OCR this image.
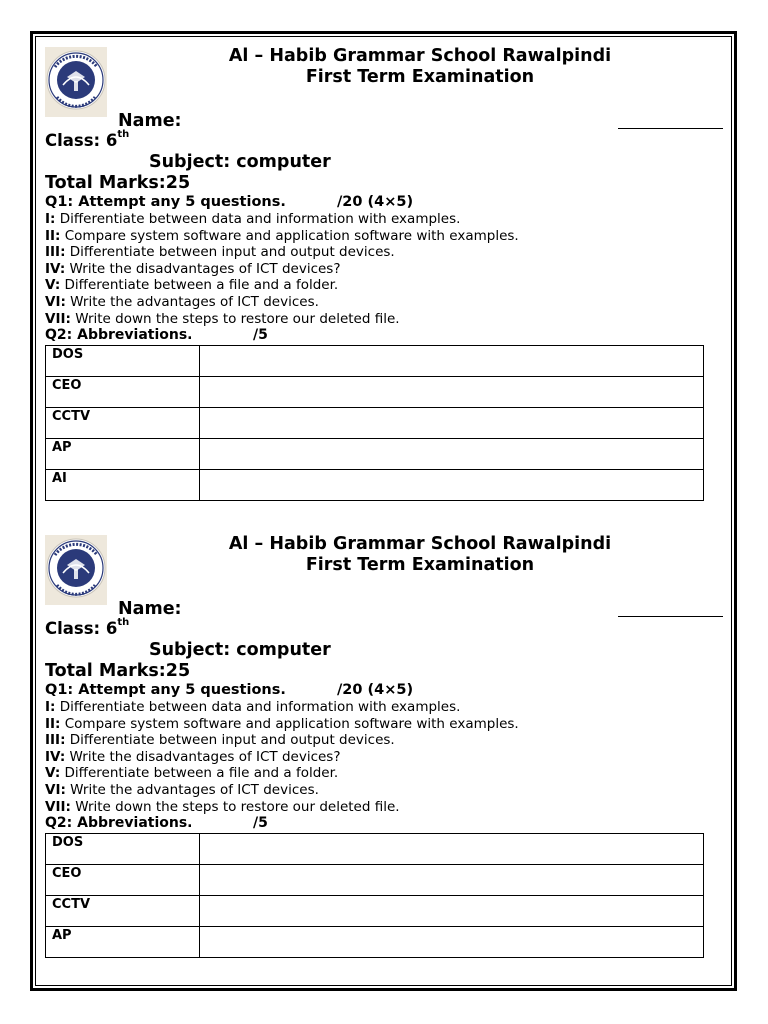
Al – Habib Grammar School Rawalpindi
First Term Examination
Name:
Class: 6th
Subject: computer
Total Marks:25
Q1: Attempt any 5 questions.	/20 (4×5)
I: Differentiate between data and information with examples.
II: Compare system software and application software with examples.
III: Differentiate between input and output devices.
IV: Write the disadvantages of ICT devices?
V: Differentiate between a file and a folder.
VI: Write the advantages of ICT devices.
VII: Write down the steps to restore our deleted file.
Q2: Abbreviations.	/5
DOS	
CEO	
CCTV	
AP	
AI	
Al – Habib Grammar School Rawalpindi
First Term Examination
Name:
Class: 6th
Subject: computer
Total Marks:25
Q1: Attempt any 5 questions.	/20 (4×5)
I: Differentiate between data and information with examples.
II: Compare system software and application software with examples.
III: Differentiate between input and output devices.
IV: Write the disadvantages of ICT devices?
V: Differentiate between a file and a folder.
VI: Write the advantages of ICT devices.
VII: Write down the steps to restore our deleted file.
Q2: Abbreviations.	/5
DOS	
CEO	
CCTV	
AP	
